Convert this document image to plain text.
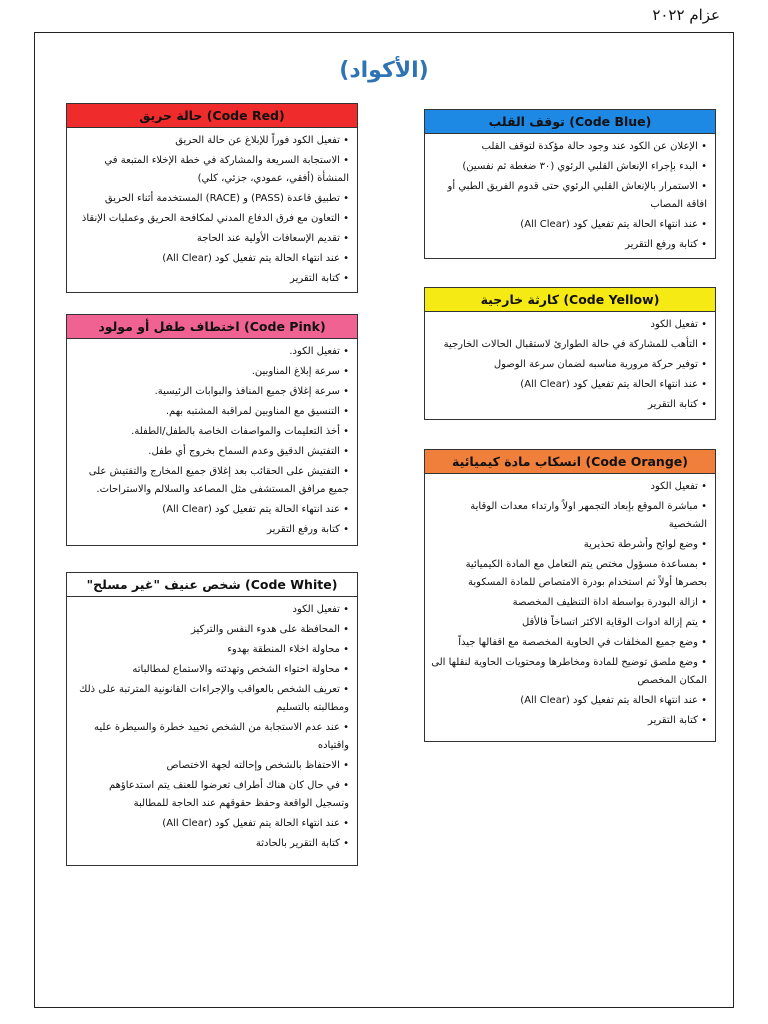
عزام ٢٠٢٢
(الأكواد)
(Code Red) حالة حريق
• تفعيل الكود فوراً للإبلاغ عن حالة الحريق
• الاستجابة السريعة والمشاركة في خطة الإخلاء المتبعة في المنشأة (أفقي، عمودي، جزئي، كلي)
• تطبيق قاعدة (PASS) و (RACE) المستخدمة أثناء الحريق
• التعاون مع فرق الدفاع المدني لمكافحة الحريق وعمليات الإنقاذ
• تقديم الإسعافات الأولية عند الحاجة
• عند انتهاء الحالة يتم تفعيل كود (All Clear)
• كتابة التقرير
(Code Pink) اختطاف طفل أو مولود
• تفعيل الكود.
• سرعة إبلاغ المناوبين.
• سرعة إغلاق جميع المنافذ والبوابات الرئيسية.
• التنسيق مع المناوبين لمراقبة المشتبه بهم.
• أخذ التعليمات والمواصفات الخاصة بالطفل/الطفلة.
• التفتيش الدقيق وعدم السماح بخروج أي طفل.
• التفتيش على الحقائب بعد إغلاق جميع المخارج والتفتيش على جميع مرافق المستشفى مثل المصاعد والسلالم والاستراحات.
• عند انتهاء الحالة يتم تفعيل كود (All Clear)
• كتابة ورفع التقرير
(Code White) شخص عنيف "غير مسلح"
• تفعيل الكود
• المحافظة على هدوء النفس والتركيز
• محاولة اخلاء المنطقة بهدوء
• محاولة احتواء الشخص وتهدئته والاستماع لمطالباته
• تعريف الشخص بالعواقب والإجراءات القانونية المترتبة على ذلك ومطالبته بالتسليم
• عند عدم الاستجابة من الشخص تحييد خطرة والسيطرة عليه واقتياده
• الاحتفاظ بالشخص وإحالته لجهة الاختصاص
• في حال كان هناك أطراف تعرضوا للعنف يتم استدعاؤهم وتسجيل الواقعة وحفظ حقوقهم عند الحاجة للمطالبة
• عند انتهاء الحالة يتم تفعيل كود (All Clear)
• كتابة التقرير بالحادثة
(Code Blue) توقف القلب
• الإعلان عن الكود عند وجود حالة مؤكدة لتوقف القلب
• البدء بإجراء الإنعاش القلبي الرئوي (٣٠ ضغطة ثم نفسين)
• الاستمرار بالإنعاش القلبي الرئوي حتى قدوم الفريق الطبي أو افاقة المصاب
• عند انتهاء الحالة يتم تفعيل كود (All Clear)
• كتابة ورفع التقرير
(Code Yellow) كارثة خارجية
• تفعيل الكود
• التأهب للمشاركة في حالة الطوارئ لاستقبال الحالات الخارجية
• توفير حركة مرورية مناسبه لضمان سرعة الوصول
• عند انتهاء الحالة يتم تفعيل كود (All Clear)
• كتابة التقرير
(Code Orange) انسكاب مادة كيميائية
• تفعيل الكود
• مباشرة الموقع بإبعاد التجمهر اولاً وارتداء معدات الوقاية الشخصية
• وضع لوائح وأشرطة تحذيرية
• بمساعدة مسؤول مختص يتم التعامل مع المادة الكيميائية بحصرها أولاً ثم استخدام بودرة الامتصاص للمادة المسكوبة
• ازالة البودرة بواسطة اداة التنظيف المخصصة
• يتم إزالة ادوات الوقاية الاكثر اتساخاً فالأقل
• وضع جميع المخلفات في الحاوية المخصصة مع اقفالها جيداً
• وضع ملصق توضيح للمادة ومخاطرها ومحتويات الحاوية لنقلها الى المكان المخصص
• عند انتهاء الحالة يتم تفعيل كود (All Clear)
• كتابة التقرير
